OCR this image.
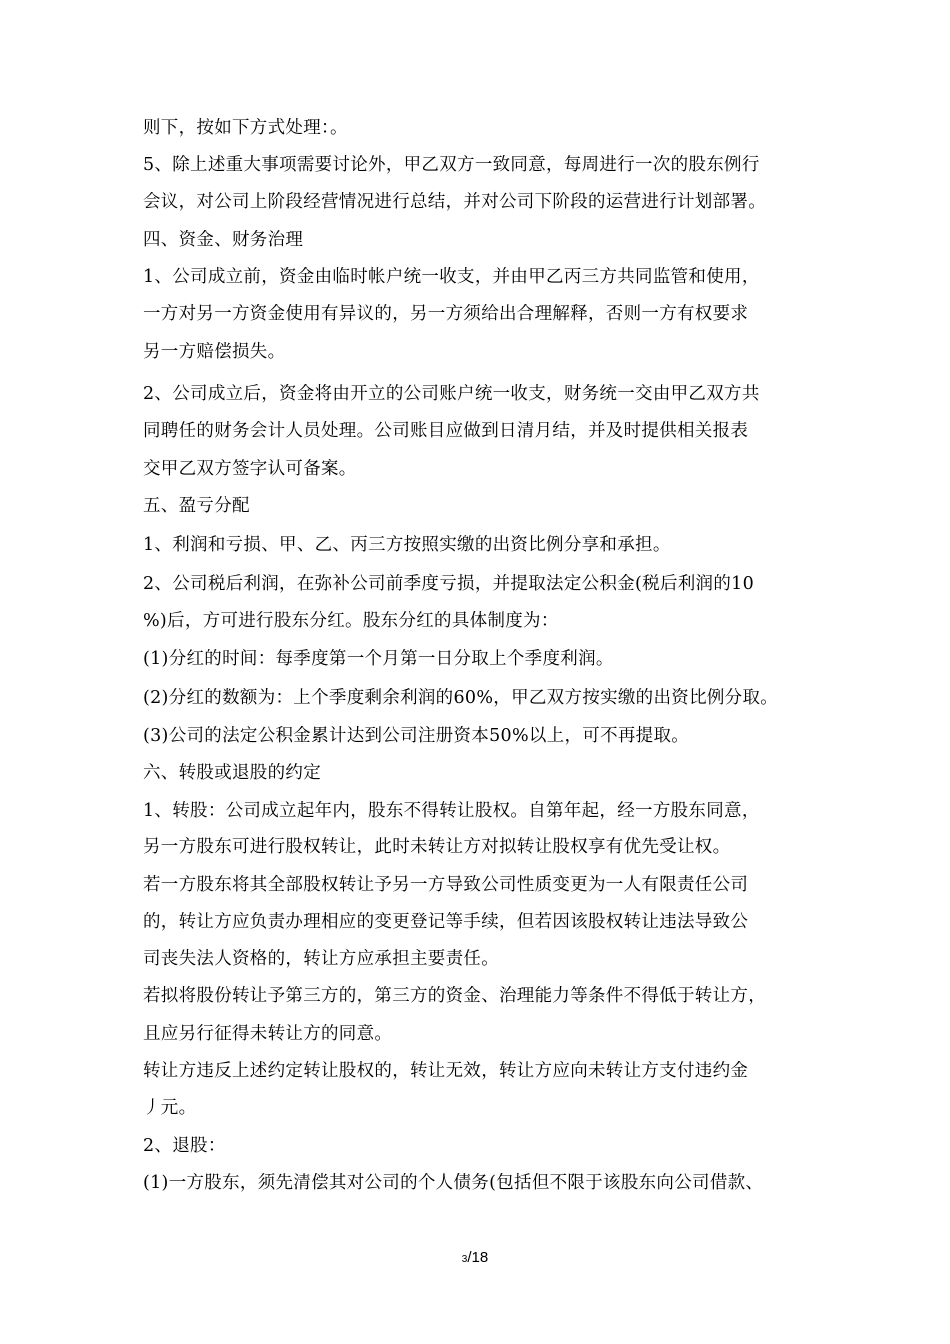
则下，按如下方式处理：。
5、除上述重大事项需要讨论外，甲乙双方一致同意，每周进行一次的股东例行
会议，对公司上阶段经营情况进行总结，并对公司下阶段的运营进行计划部署。
四、资金、财务治理
1、公司成立前，资金由临时帐户统一收支，并由甲乙丙三方共同监管和使用，
一方对另一方资金使用有异议的，另一方须给出合理解释，否则一方有权要求
另一方赔偿损失。
2、公司成立后，资金将由开立的公司账户统一收支，财务统一交由甲乙双方共
同聘任的财务会计人员处理。公司账目应做到日清月结，并及时提供相关报表
交甲乙双方签字认可备案。
五、盈亏分配
1、利润和亏损、甲、乙、丙三方按照实缴的出资比例分享和承担。
2、公司税后利润，在弥补公司前季度亏损，并提取法定公积金(税后利润的10
%)后，方可进行股东分红。股东分红的具体制度为：
(1)分红的时间：每季度第一个月第一日分取上个季度利润。
(2)分红的数额为：上个季度剩余利润的60%，甲乙双方按实缴的出资比例分取。
(3)公司的法定公积金累计达到公司注册资本50%以上，可不再提取。
六、转股或退股的约定
1、转股：公司成立起年内，股东不得转让股权。自第年起，经一方股东同意，
另一方股东可进行股权转让，此时未转让方对拟转让股权享有优先受让权。
若一方股东将其全部股权转让予另一方导致公司性质变更为一人有限责任公司
的，转让方应负责办理相应的变更登记等手续，但若因该股权转让违法导致公
司丧失法人资格的，转让方应承担主要责任。
若拟将股份转让予第三方的，第三方的资金、治理能力等条件不得低于转让方，
且应另行征得未转让方的同意。
转让方违反上述约定转让股权的，转让无效，转让方应向未转让方支付违约金
丿元。
2、退股：
(1)一方股东，须先清偿其对公司的个人债务(包括但不限于该股东向公司借款、
3/18
